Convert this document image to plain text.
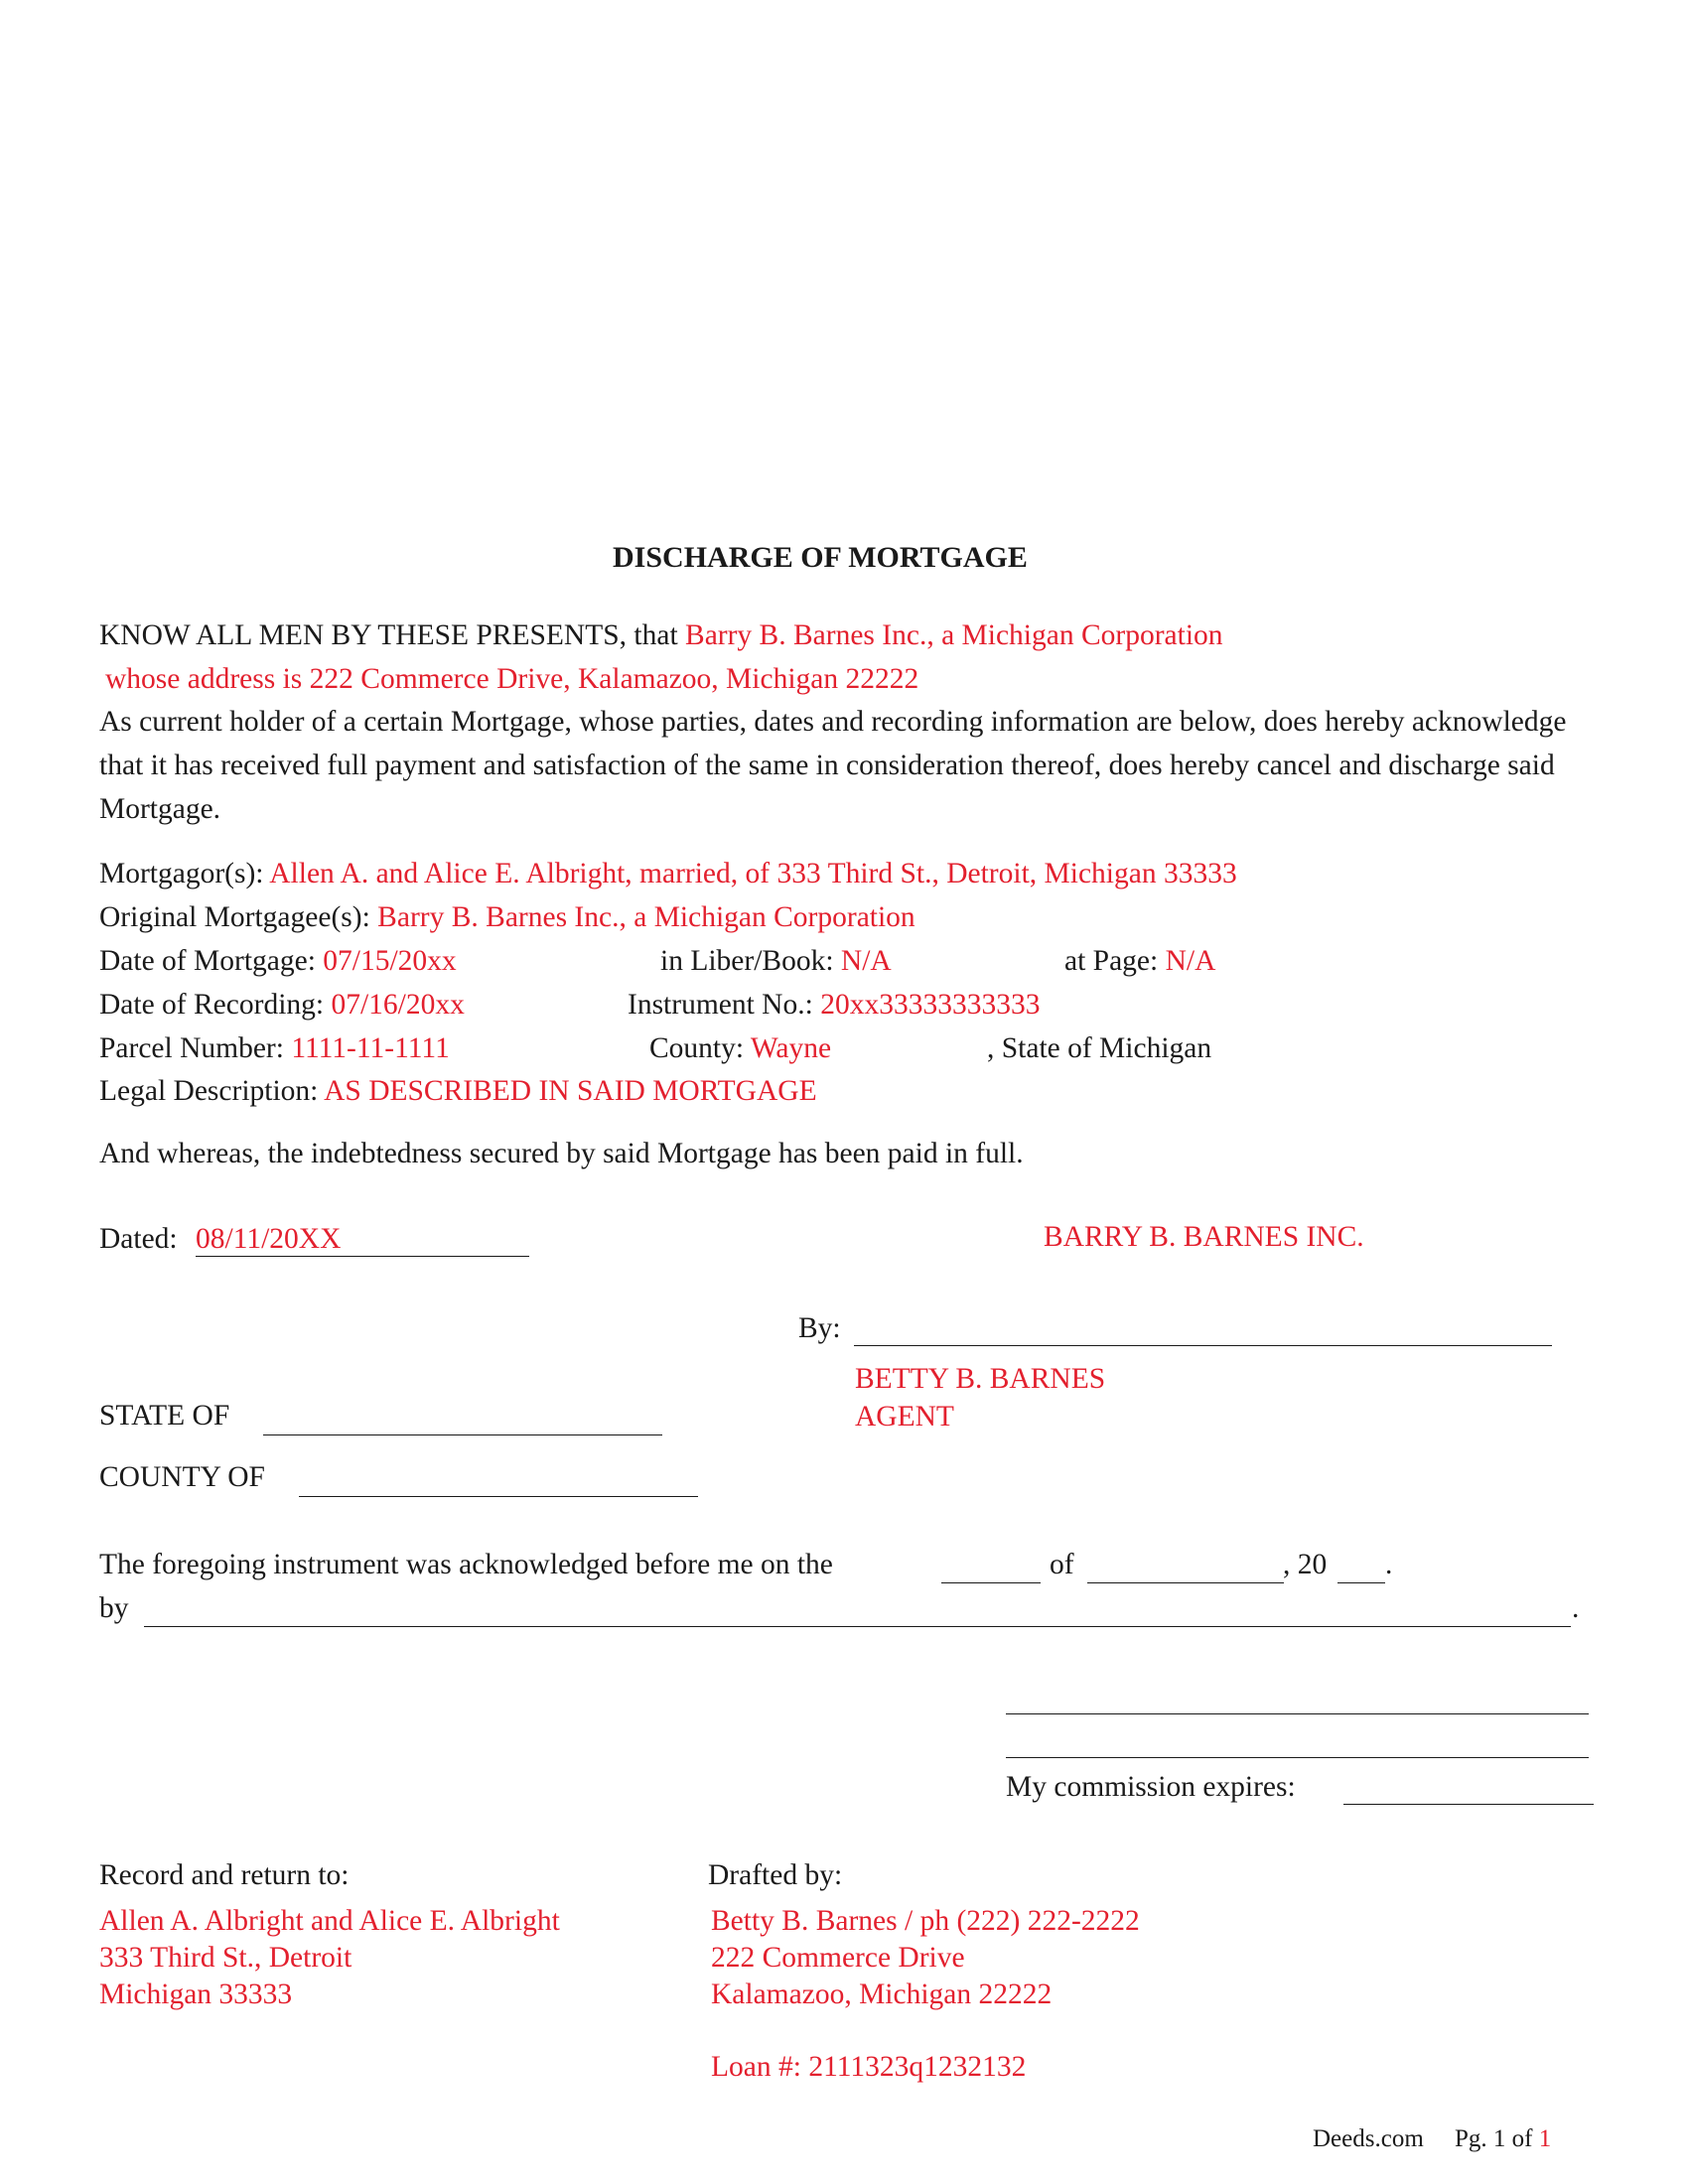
DISCHARGE OF MORTGAGE
KNOW ALL MEN BY THESE PRESENTS, that Barry B. Barnes Inc., a Michigan Corporation
whose address is 222 Commerce Drive, Kalamazoo, Michigan 22222
As current holder of a certain Mortgage, whose parties, dates and recording information are below, does hereby acknowledge that it has received full payment and satisfaction of the same in consideration thereof, does hereby cancel and discharge said Mortgage.
Mortgagor(s): Allen A. and Alice E. Albright, married, of 333 Third St., Detroit, Michigan 33333
Original Mortgagee(s): Barry B. Barnes Inc., a Michigan Corporation
Date of Mortgage: 07/15/20xx	in Liber/Book: N/A	at Page: N/A
Date of Recording: 07/16/20xx	Instrument No.: 20xx33333333333
Parcel Number: 1111-11-1111	County: Wayne	, State of Michigan
Legal Description: AS DESCRIBED IN SAID MORTGAGE
And whereas, the indebtedness secured by said Mortgage has been paid in full.
Dated: 08/11/20XX	BARRY B. BARNES INC.
By:
BETTY B. BARNES
AGENT
STATE OF
COUNTY OF
The foregoing instrument was acknowledged before me on the	of	, 20 .
by	.
My commission expires:
Record and return to:
Allen A. Albright and Alice E. Albright
333 Third St., Detroit
Michigan 33333
Drafted by:
Betty B. Barnes / ph (222) 222-2222
222 Commerce Drive
Kalamazoo, Michigan 22222
Loan #: 2111323q1232132
Deeds.com Pg. 1 of 1
